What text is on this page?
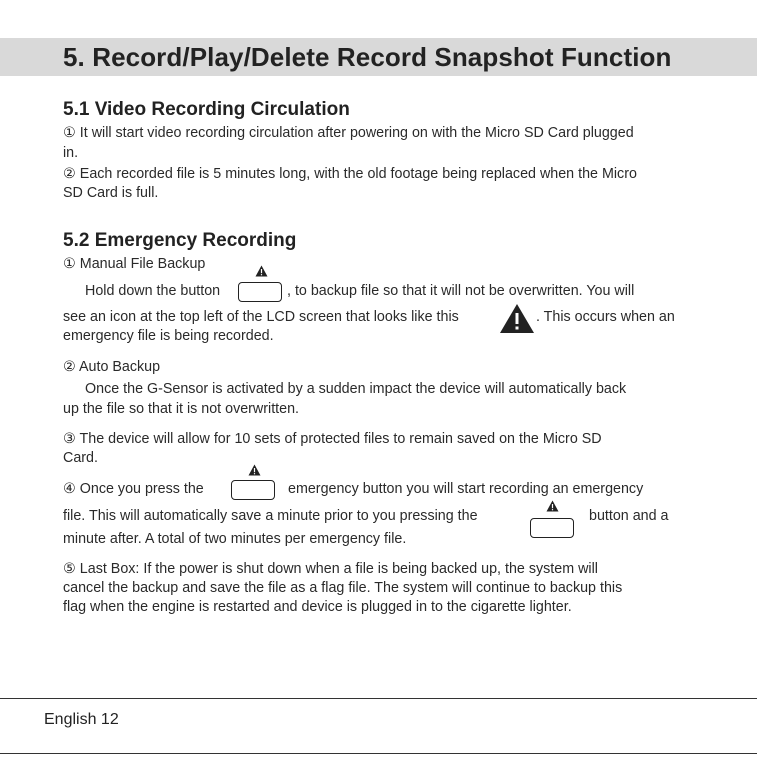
5. Record/Play/Delete Record Snapshot Function
5.1 Video Recording Circulation
① It will start video recording circulation after powering on with the Micro SD Card plugged
in.
② Each recorded file is 5 minutes long, with the old footage being replaced when the Micro
SD Card is full.
5.2 Emergency Recording
① Manual File Backup
Hold down the button	, to backup file so that it will not be overwritten. You will
see an icon at the top left of the LCD screen that looks like this	. This occurs when an
emergency file is being recorded.
② Auto Backup
Once the G-Sensor is activated by a sudden impact the device will automatically back
up the file so that it is not overwritten.
③ The device will allow for 10 sets of protected files to remain saved on the Micro SD
Card.
④ Once you press the	emergency button you will start recording an emergency
file. This will automatically save a minute prior to you pressing the	button and a
minute after. A total of two minutes per emergency file.
⑤ Last Box: If the power is shut down when a file is being backed up, the system will
cancel the backup and save the file as a flag file. The system will continue to backup this
flag when the engine is restarted and device is plugged in to the cigarette lighter.
English 12
